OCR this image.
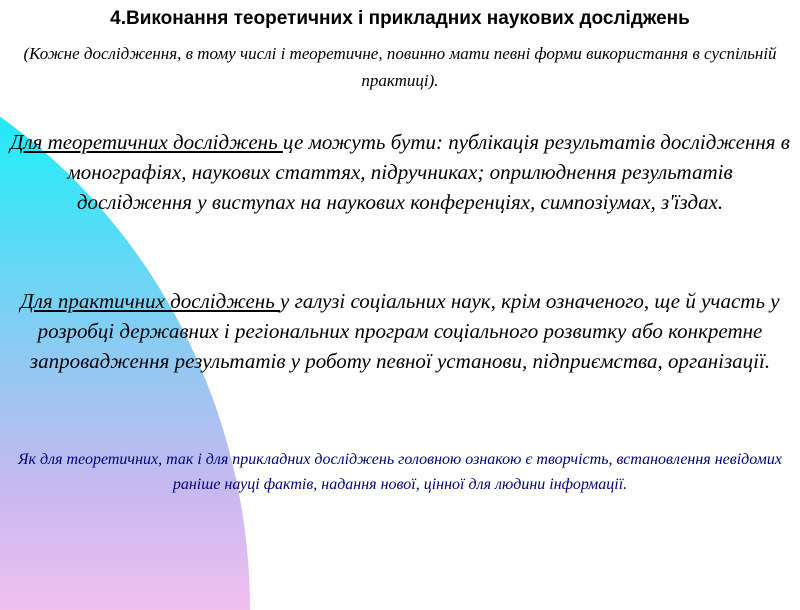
4.Виконання теоретичних і прикладних наукових досліджень
(Кожне дослідження, в тому числі і теоретичне, повинно мати певні форми використання в суспільній практиці).
Для теоретичних досліджень це можуть бути: публікація результатів дослідження в монографіях, наукових статтях, підручниках; оприлюднення результатів дослідження у виступах на наукових конференціях, симпозіумах, з'їздах.
Для практичних досліджень у галузі соціальних наук, крім означеного, ще й участь у розробці державних і регіональних програм соціального розвитку або конкретне запровадження результатів у роботу певної установи, підприємства, організації.
Як для теоретичних, так і для прикладних досліджень головною ознакою є творчість, встановлення невідомих раніше науці фактів, надання нової, цінної для людини інформації.
